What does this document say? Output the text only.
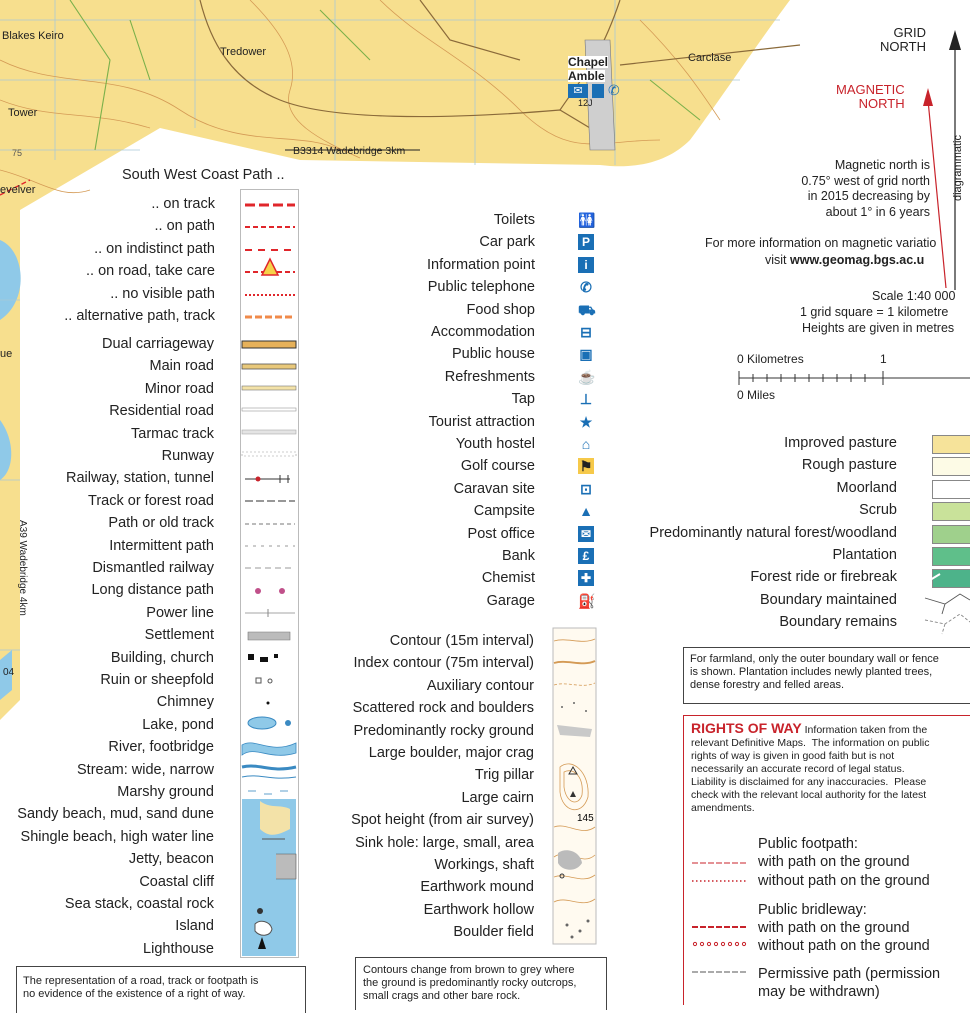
Blakes Keiro
Tredower
Chapel
Amble
Carclase
Tower
evelver
ue
04
B3314 Wadebridge 3km
75
12J
A39 Wadebridge 4km
✉	✆
GRID
NORTH
MAGNETIC
NORTH
diagrammatic
Magnetic north is
0.75° west of grid north
in 2015 decreasing by
about 1° in 6 years
For more information on magnetic variatio
visit www.geomag.bgs.ac.u
Scale 1:40 000
1 grid square = 1 kilometre
Heights are given in metres
0 Kilometres	1
0 Miles
South West Coast Path ..
.. on track
.. on path
.. on indistinct path
.. on road, take care
.. no visible path
.. alternative path, track
Dual carriageway
Main road
Minor road
Residential road
Tarmac track
Runway
Railway, station, tunnel
Track or forest road
Path or old track
Intermittent path
Dismantled railway
Long distance path
Power line
Settlement
Building, church
Ruin or sheepfold
Chimney
Lake, pond
River, footbridge
Stream: wide, narrow
Marshy ground
Sandy beach, mud, sand dune
Shingle beach, high water line
Jetty, beacon
Coastal cliff
Sea stack, coastal rock
Island
Lighthouse
The representation of a road, track or footpath is
no evidence of the existence of a right of way.
Toilets	🚻
Car park	P
Information point	i
Public telephone	✆
Food shop	⛟
Accommodation	⊟
Public house	▣
Refreshments	☕
Tap	⊥
Tourist attraction	★
Youth hostel	⌂
Golf course	⚑
Caravan site	⊡
Campsite	▲
Post office	✉
Bank	£
Chemist	✚
Garage	⛽
Contour (15m interval)
Index contour (75m interval)
Auxiliary contour
Scattered rock and boulders
Predominantly rocky ground
Large boulder, major crag
Trig pillar
Large cairn
Spot height (from air survey)
Sink hole: large, small, area
Workings, shaft
Earthwork mound
Earthwork hollow
Boulder field
145
Contours change from brown to grey where
the ground is predominantly rocky outcrops,
small crags and other bare rock.
Improved pasture
Rough pasture
Moorland
Scrub
Predominantly natural forest/woodland
Plantation
Forest ride or firebreak
Boundary maintained
Boundary remains
For farmland, only the outer boundary wall or fence
is shown. Plantation includes newly planted trees,
dense forestry and felled areas.
RIGHTS OF WAY Information taken from the
relevant Definitive Maps.  The information on public
rights of way is given in good faith but is not
necessarily an accurate record of legal status.
Liability is disclaimed for any inaccuracies.  Please
check with the relevant local authority for the latest
amendments.
Public footpath:
with path on the ground
without path on the ground
Public bridleway:
with path on the ground
without path on the ground
Permissive path (permission
may be withdrawn)
